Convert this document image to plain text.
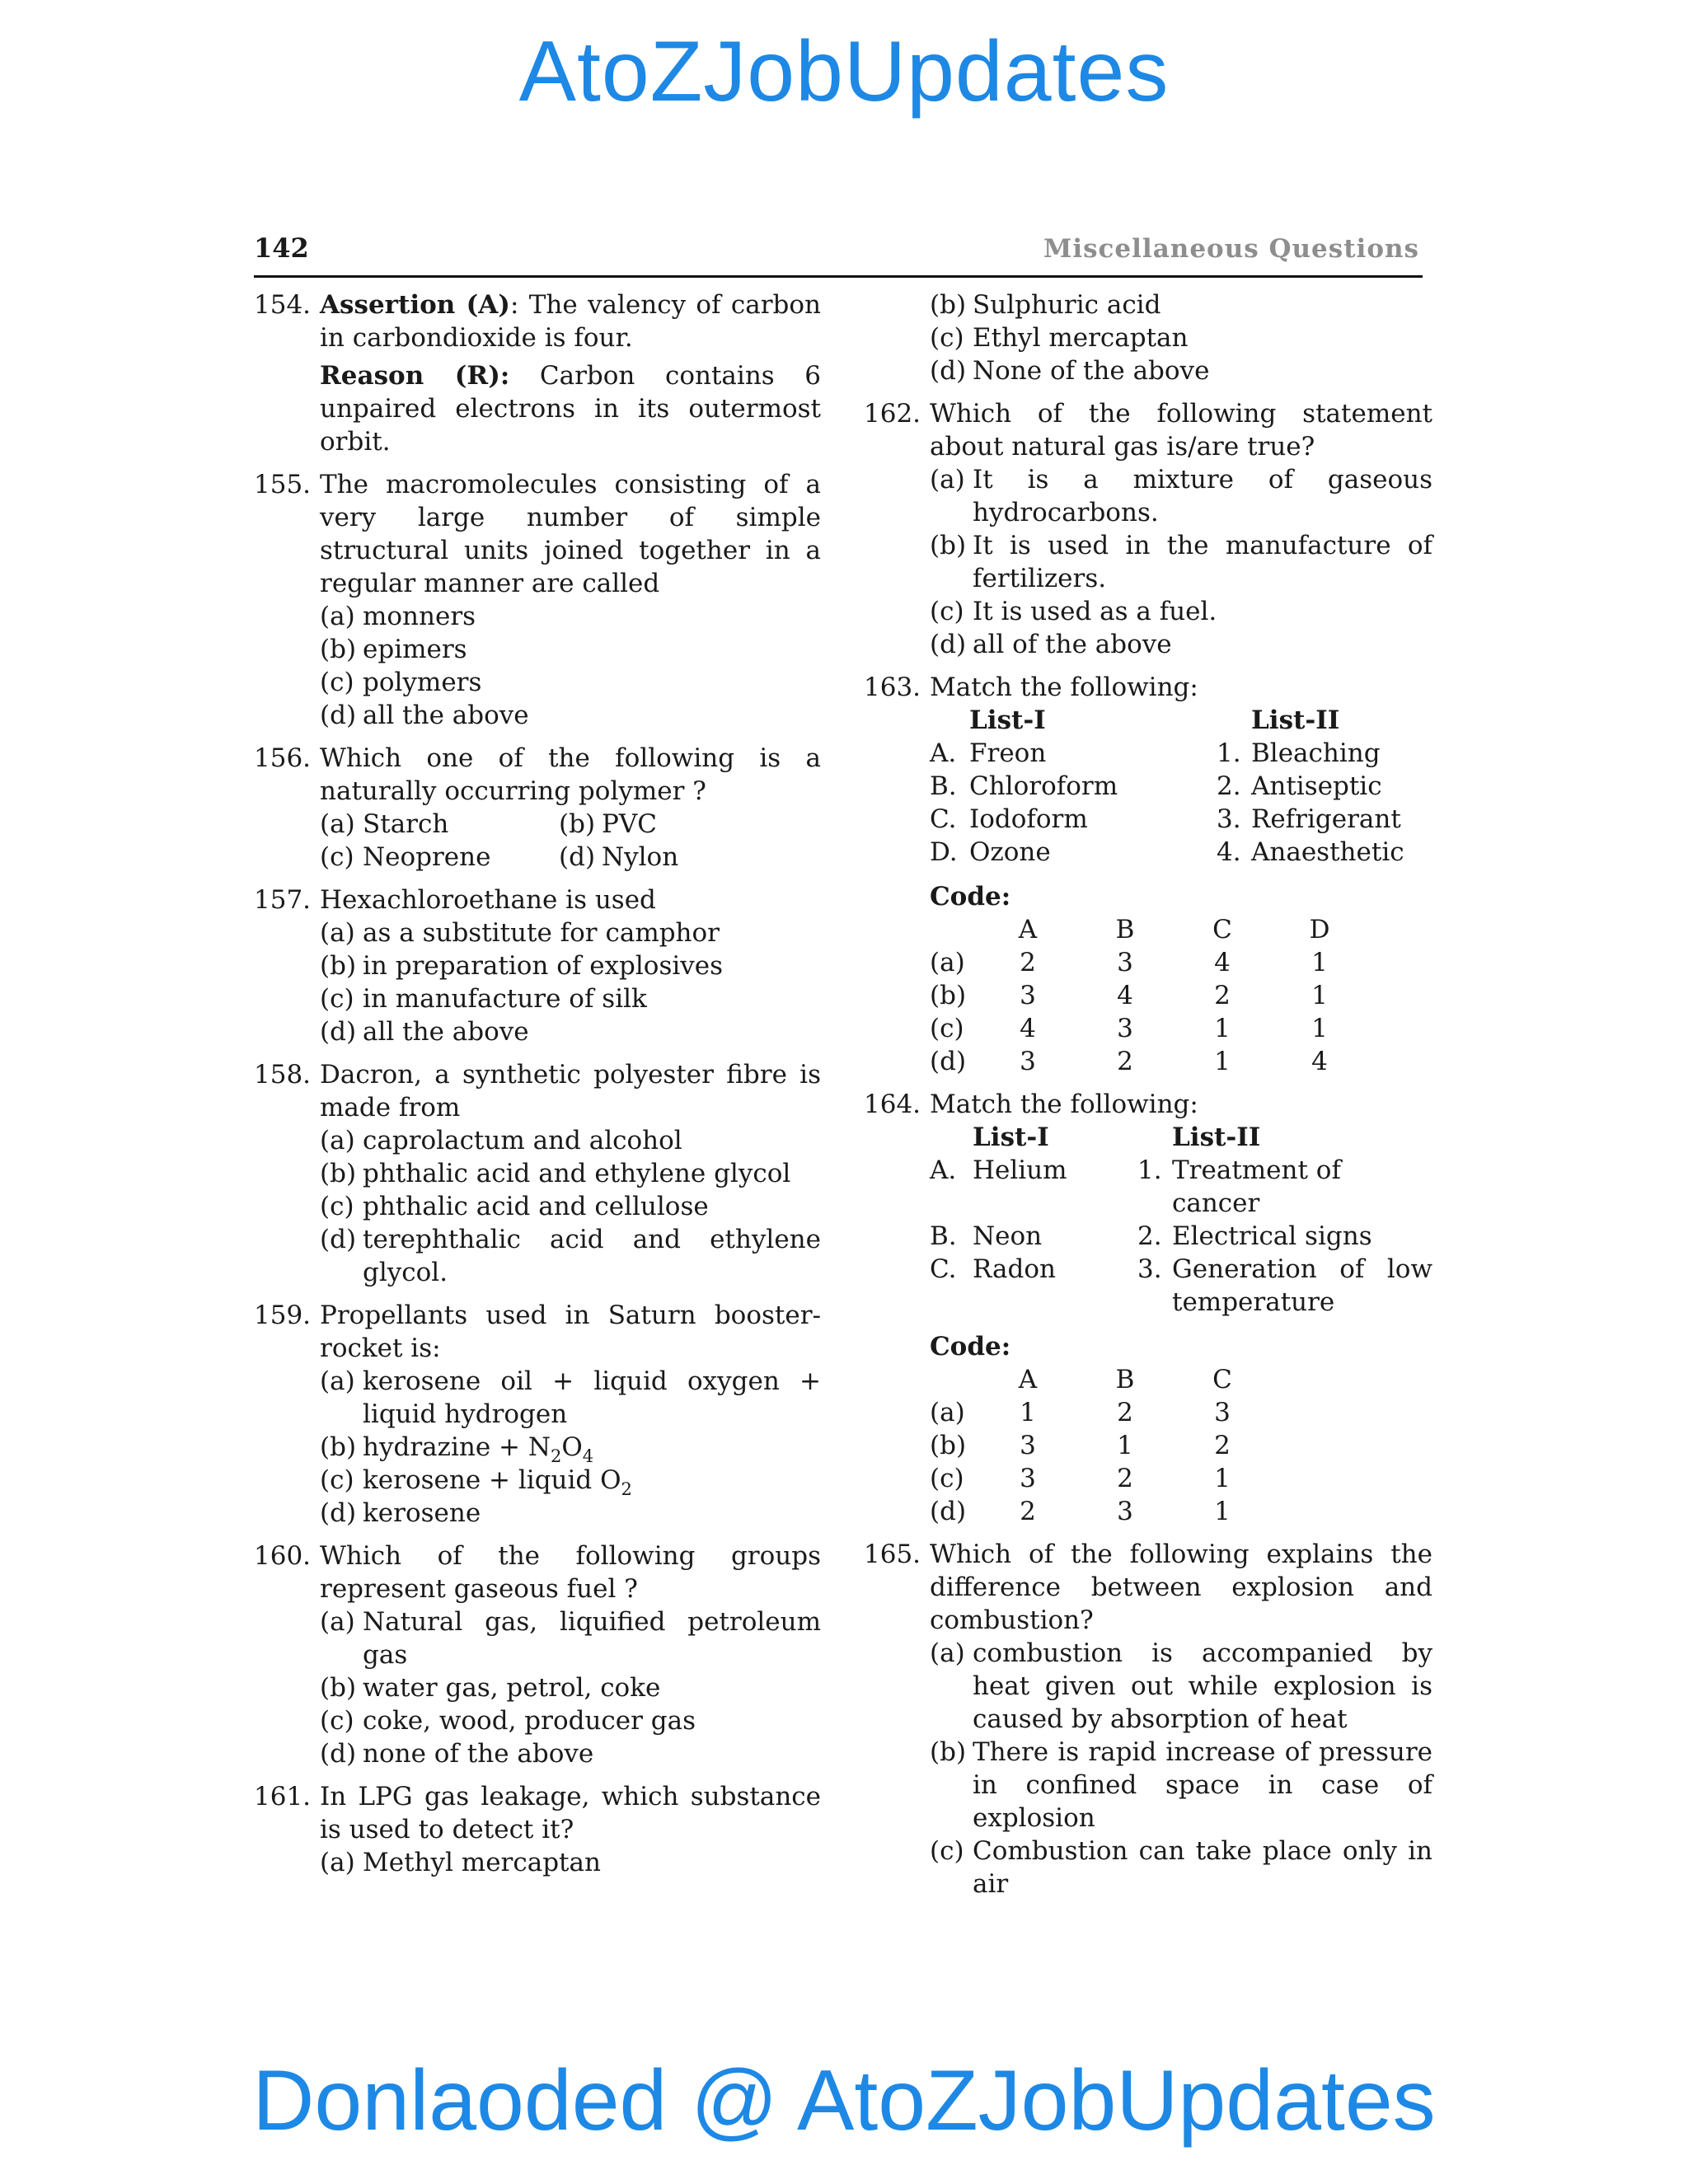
AtoZJobUpdates
142	Miscellaneous Questions
154. Assertion (A): The valency of carbon in carbondioxide is four.
Reason (R): Carbon contains 6 unpaired electrons in its outermost orbit.
155. The macromolecules consisting of a very large number of simple structural units joined together in a regular manner are called
(a) monners
(b) epimers
(c) polymers
(d) all the above
156. Which one of the following is a naturally occurring polymer ?
(a) Starch	(b) PVC
(c) Neoprene	(d) Nylon
157. Hexachloroethane is used
(a) as a substitute for camphor
(b) in preparation of explosives
(c) in manufacture of silk
(d) all the above
158. Dacron, a synthetic polyester fibre is made from
(a) caprolactum and alcohol
(b) phthalic acid and ethylene glycol
(c) phthalic acid and cellulose
(d) terephthalic acid and ethylene glycol.
159. Propellants used in Saturn booster-rocket is:
(a) kerosene oil + liquid oxygen + liquid hydrogen
(b) hydrazine + $N_2O_4$
(c) kerosene + liquid $O_2$
(d) kerosene
160. Which of the following groups represent gaseous fuel ?
(a) Natural gas, liquified petroleum gas
(b) water gas, petrol, coke
(c) coke, wood, producer gas
(d) none of the above
161. In LPG gas leakage, which substance is used to detect it?
(a) Methyl mercaptan
(b) Sulphuric acid
(c) Ethyl mercaptan
(d) None of the above
162. Which of the following statement about natural gas is/are true?
(a) It is a mixture of gaseous hydrocarbons.
(b) It is used in the manufacture of fertilizers.
(c) It is used as a fuel.
(d) all of the above
163. Match the following:
	List-I		List-II
A.	Freon	1.	Bleaching
B.	Chloroform	2.	Antiseptic
C.	Iodoform	3.	Refrigerant
D.	Ozone	4.	Anaesthetic
Code:
	A	B	C	D
(a)	2	3	4	1
(b)	3	4	2	1
(c)	4	3	1	1
(d)	3	2	1	4
164. Match the following:
	List-I		List-II
A.	Helium	1.	Treatment of cancer
B.	Neon	2.	Electrical signs
C.	Radon	3.	Generation of low temperature
Code:
	A	B	C
(a)	1	2	3
(b)	3	1	2
(c)	3	2	1
(d)	2	3	1
165. Which of the following explains the difference between explosion and combustion?
(a) combustion is accompanied by heat given out while explosion is caused by absorption of heat
(b) There is rapid increase of pressure in confined space in case of explosion
(c) Combustion can take place only in air
Donlaoded @ AtoZJobUpdates
